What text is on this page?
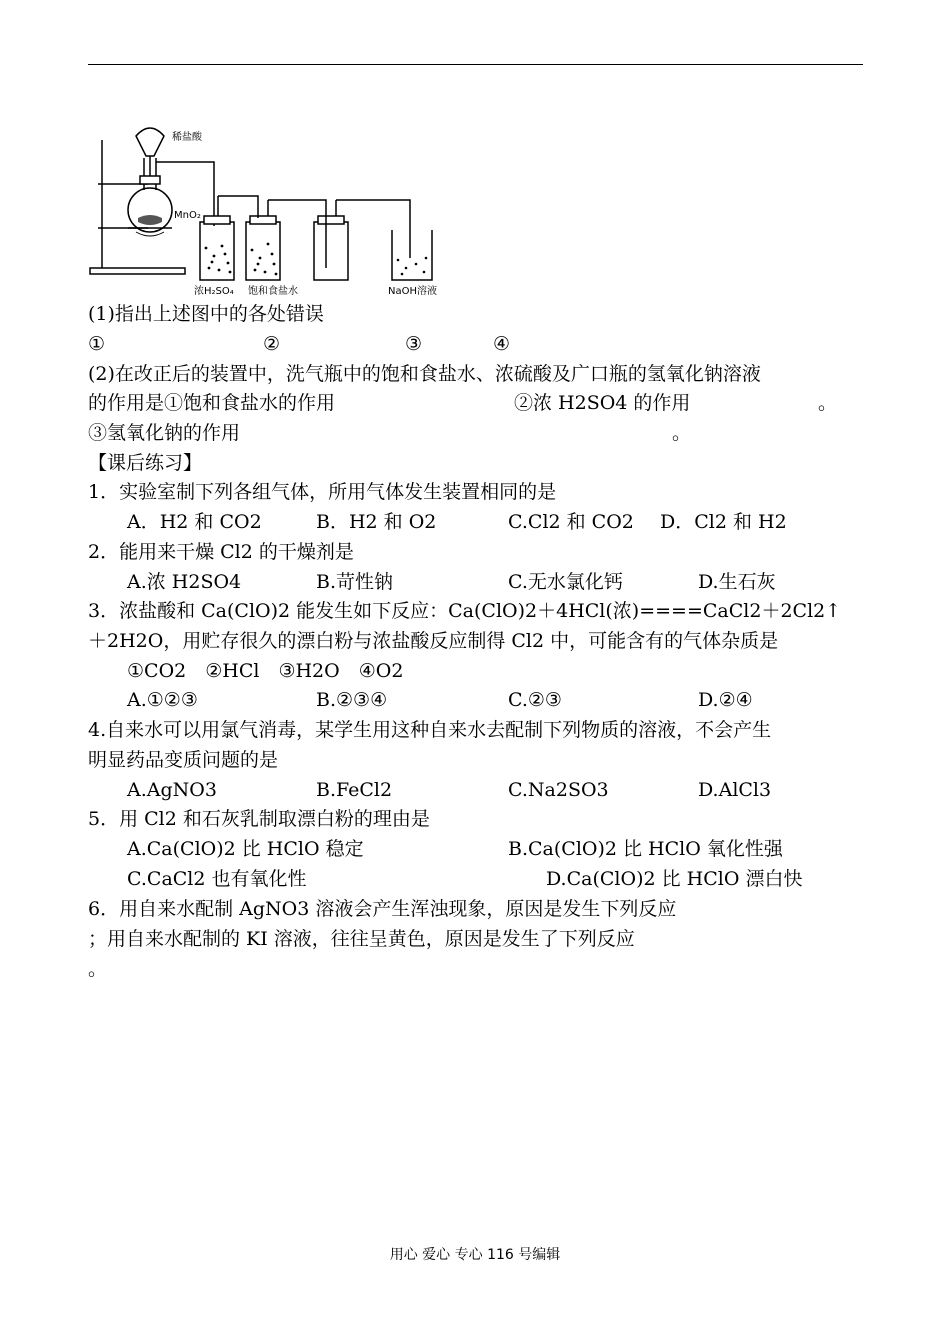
稀盐酸
MnO₂
浓H₂SO₄ 饱和食盐水	NaOH溶液
(1)指出上述图中的各处错误
①	②	③	④
(2)在改正后的装置中，洗气瓶中的饱和食盐水、浓硫酸及广口瓶的氢氧化钠溶液
的作用是①饱和食盐水的作用	②浓 H2SO4 的作用	。
③氢氧化钠的作用	。
【课后练习】
1．实验室制下列各组气体，所用气体发生装置相同的是
A．H2 和 CO2	B．H2 和 O2	C.Cl2 和 CO2 D．Cl2 和 H2
2．能用来干燥 Cl2 的干燥剂是
A.浓 H2SO4	B.苛性钠	C.无水氯化钙	D.生石灰
3．浓盐酸和 Ca(ClO)2 能发生如下反应：Ca(ClO)2＋4HCl(浓)====CaCl2＋2Cl2↑
＋2H2O，用贮存很久的漂白粉与浓盐酸反应制得 Cl2 中，可能含有的气体杂质是
①CO2　②HCl　③H2O　④O2
A.①②③	B.②③④	C.②③	D.②④
4.自来水可以用氯气消毒，某学生用这种自来水去配制下列物质的溶液，不会产生
明显药品变质问题的是
A.AgNO3	B.FeCl2	C.Na2SO3	D.AlCl3
5．用 Cl2 和石灰乳制取漂白粉的理由是
A.Ca(ClO)2 比 HClO 稳定	B.Ca(ClO)2 比 HClO 氧化性强
C.CaCl2 也有氧化性	D.Ca(ClO)2 比 HClO 漂白快
6．用自来水配制 AgNO3 溶液会产生浑浊现象，原因是发生下列反应
；用自来水配制的 KI 溶液，往往呈黄色，原因是发生了下列反应
。
用心 爱心 专心 116 号编辑
